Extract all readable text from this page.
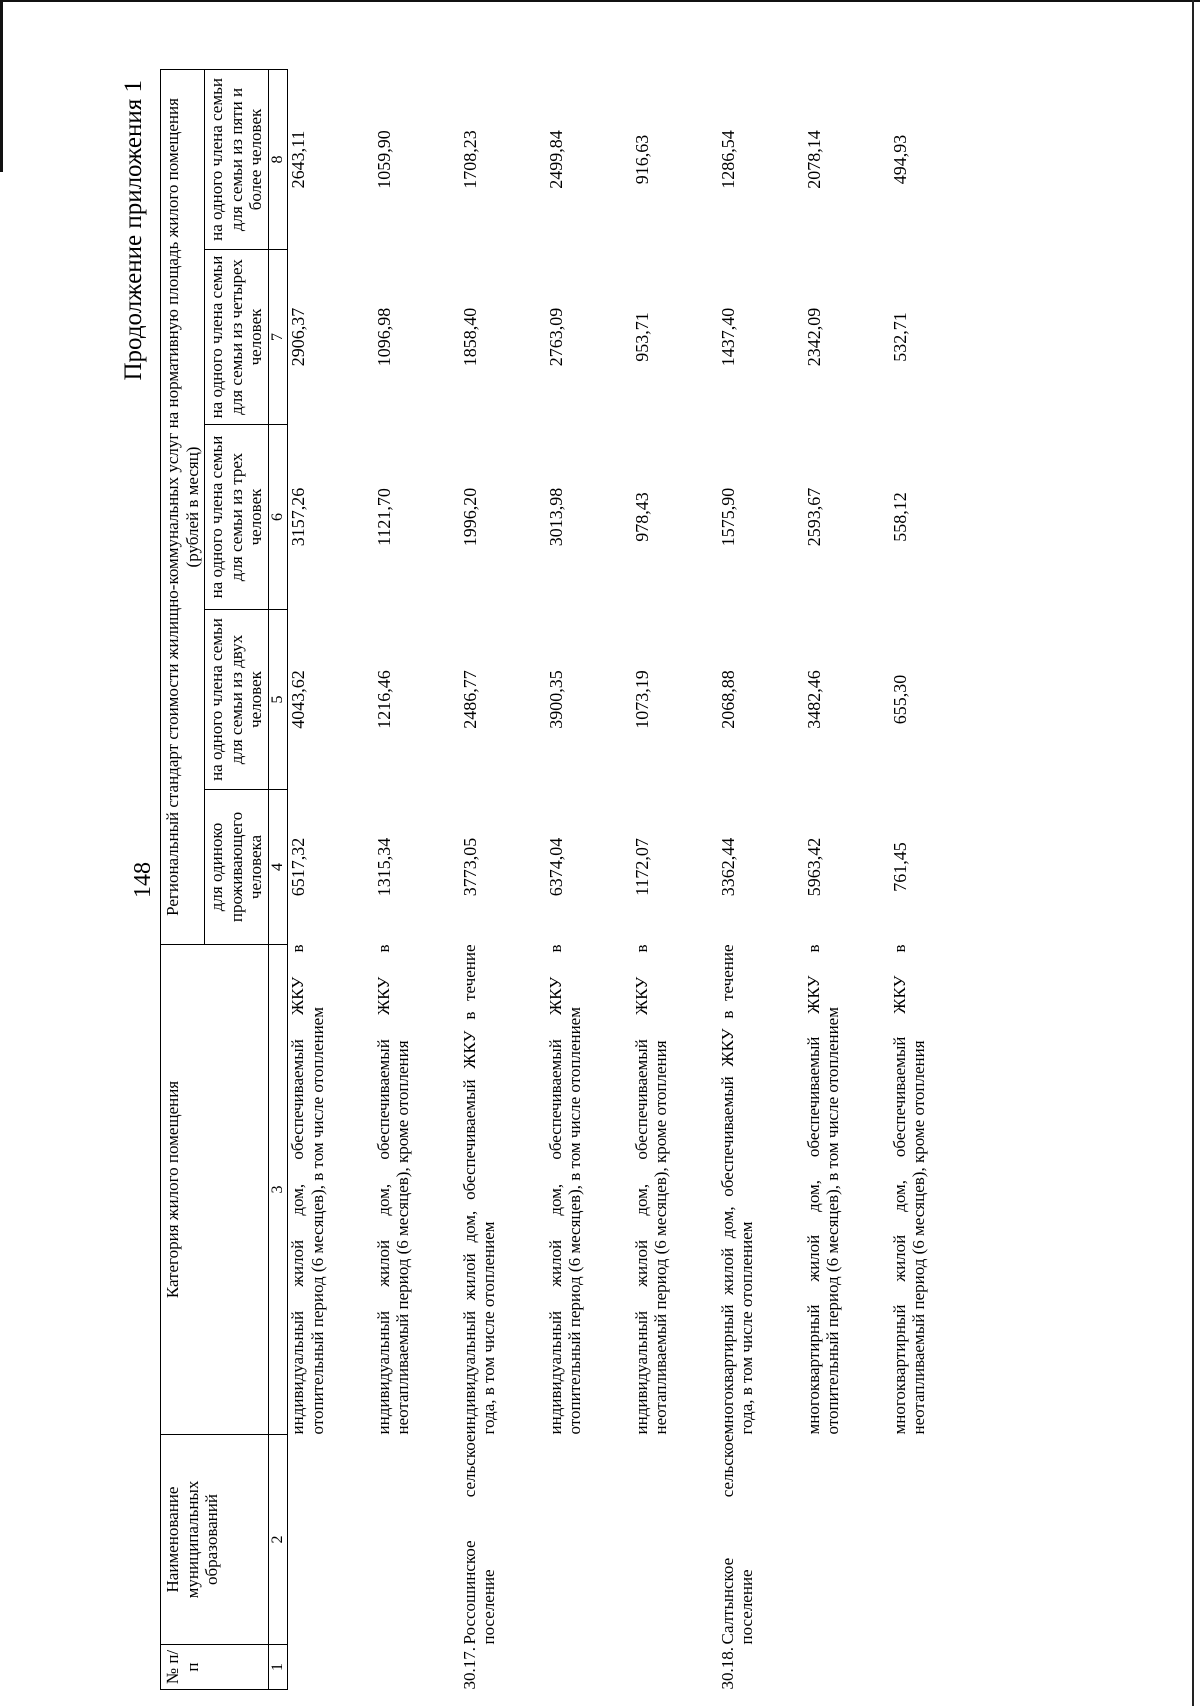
148
Продолжение приложения 1
№ п/п	Наименование муниципальных образований	Категория жилого помещения	Региональный стандарт стоимости жилищно-коммунальных услуг на нормативную площадь жилого помещения (рублей в месяц)				
			для одиноко проживающего человека	на одного члена семьи для семьи из двух человек	на одного члена семьи для семьи из трех человек	на одного члена семьи для семьи из четырех человек	на одного члена семьи для семьи из пяти и более человек
1	2	3	4	5	6	7	8
		индивидуальный жилой дом, обеспечиваемый ЖКУ в отопительный период (6 месяцев), в том числе отоплением	6517,32	4043,62	3157,26	2906,37	2643,11
		индивидуальный жилой дом, обеспечиваемый ЖКУ в неотапливаемый период (6 месяцев), кроме отопления	1315,34	1216,46	1121,70	1096,98	1059,90
30.17.	Россошинское сельское поселение	индивидуальный жилой дом, обеспечиваемый ЖКУ в течение года, в том числе отоплением	3773,05	2486,77	1996,20	1858,40	1708,23
		индивидуальный жилой дом, обеспечиваемый ЖКУ в отопительный период (6 месяцев), в том числе отоплением	6374,04	3900,35	3013,98	2763,09	2499,84
		индивидуальный жилой дом, обеспечиваемый ЖКУ в неотапливаемый период (6 месяцев), кроме отопления	1172,07	1073,19	978,43	953,71	916,63
30.18.	Салтынское сельское поселение	многоквартирный жилой дом, обеспечиваемый ЖКУ в течение года, в том числе отоплением	3362,44	2068,88	1575,90	1437,40	1286,54
		многоквартирный жилой дом, обеспечиваемый ЖКУ в отопительный период (6 месяцев), в том числе отоплением	5963,42	3482,46	2593,67	2342,09	2078,14
		многоквартирный жилой дом, обеспечиваемый ЖКУ в неотапливаемый период (6 месяцев), кроме отопления	761,45	655,30	558,12	532,71	494,93
